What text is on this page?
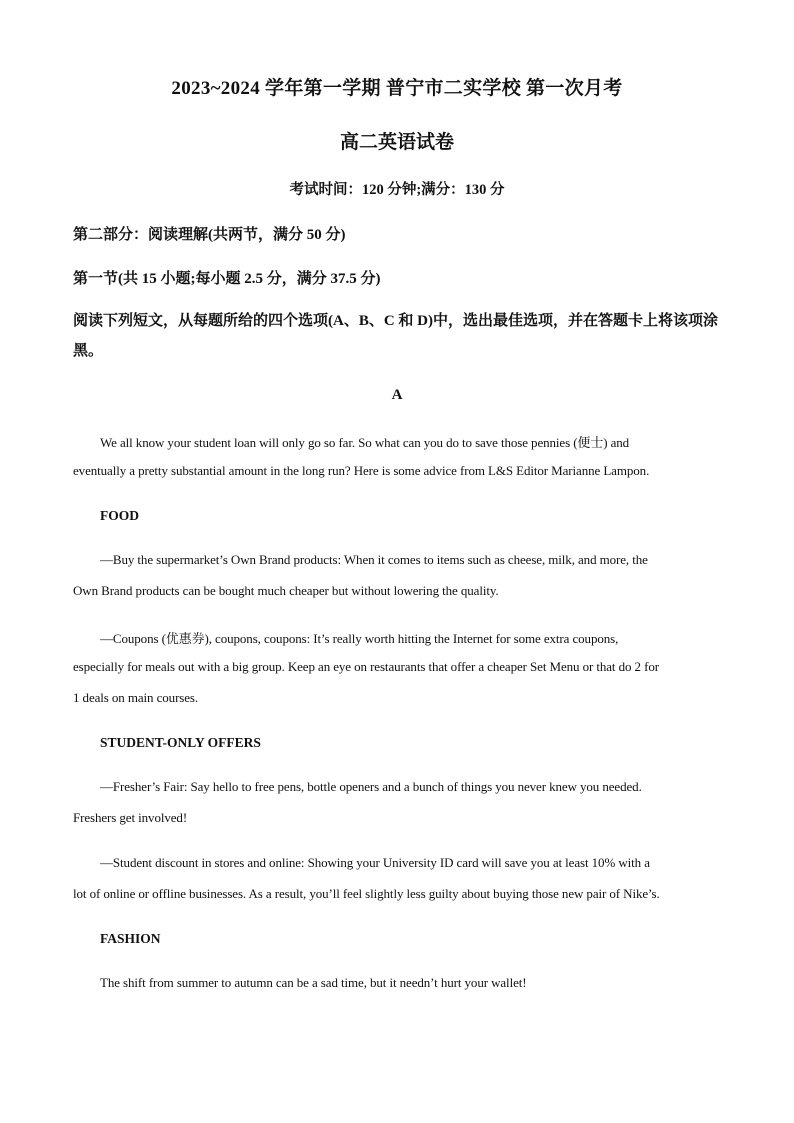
2023~2024 学年第一学期 普宁市二实学校 第一次月考

高二英语试卷

考试时间：120 分钟;满分：130 分

第二部分：阅读理解(共两节，满分 50 分)

第一节(共 15 小题;每小题 2.5 分，满分 37.5 分)

阅读下列短文，从每题所给的四个选项(A、B、C 和 D)中，选出最佳选项，并在答题卡上将该项涂黑。

A

We all know your student loan will only go so far. So what can you do to save those pennies (便士) and

eventually a pretty substantial amount in the long run? Here is some advice from L&S Editor Marianne Lampon.

FOOD

—Buy the supermarket’s Own Brand products: When it comes to items such as cheese, milk, and more, the

Own Brand products can be bought much cheaper but without lowering the quality.

—Coupons (优惠券), coupons, coupons: It’s really worth hitting the Internet for some extra coupons,

especially for meals out with a big group. Keep an eye on restaurants that offer a cheaper Set Menu or that do 2 for

1 deals on main courses.

STUDENT-ONLY OFFERS

—Fresher’s Fair: Say hello to free pens, bottle openers and a bunch of things you never knew you needed.

Freshers get involved!

—Student discount in stores and online: Showing your University ID card will save you at least 10% with a

lot of online or offline businesses. As a result, you’ll feel slightly less guilty about buying those new pair of Nike’s.

FASHION

The shift from summer to autumn can be a sad time, but it needn’t hurt your wallet!
